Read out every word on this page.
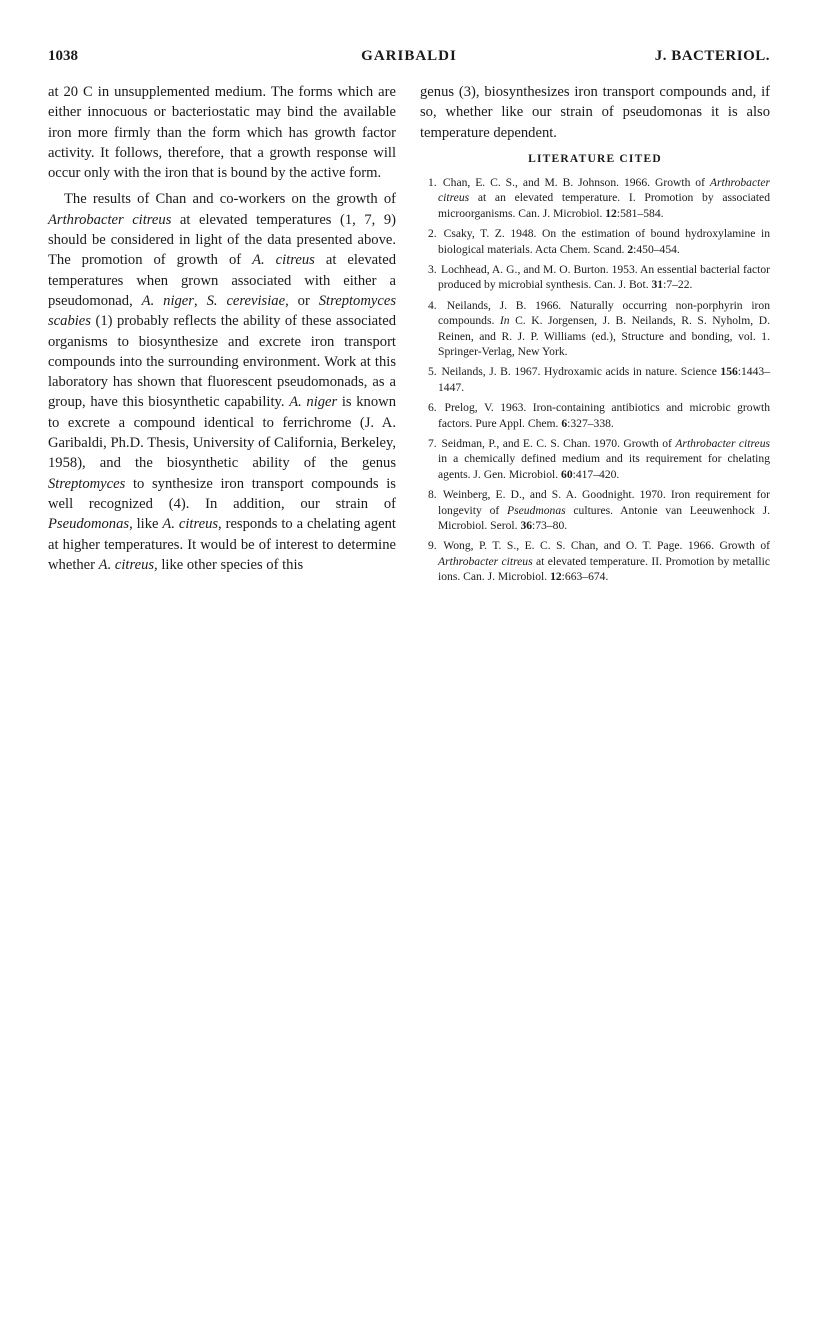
1038	GARIBALDI	J. BACTERIOL.

at 20 C in unsupplemented medium. The forms which are either innocuous or bacteriostatic may bind the available iron more firmly than the form which has growth factor activity. It follows, therefore, that a growth response will occur only with the iron that is bound by the active form.

The results of Chan and co-workers on the growth of Arthrobacter citreus at elevated temperatures (1, 7, 9) should be considered in light of the data presented above. The promotion of growth of A. citreus at elevated temperatures when grown associated with either a pseudomonad, A. niger, S. cerevisiae, or Streptomyces scabies (1) probably reflects the ability of these associated organisms to biosynthesize and excrete iron transport compounds into the surrounding environment. Work at this laboratory has shown that fluorescent pseudomonads, as a group, have this biosynthetic capability. A. niger is known to excrete a compound identical to ferrichrome (J. A. Garibaldi, Ph.D. Thesis, University of California, Berkeley, 1958), and the biosynthetic ability of the genus Streptomyces to synthesize iron transport compounds is well recognized (4). In addition, our strain of Pseudomonas, like A. citreus, responds to a chelating agent at higher temperatures. It would be of interest to determine whether A. citreus, like other species of this

genus (3), biosynthesizes iron transport compounds and, if so, whether like our strain of pseudomonas it is also temperature dependent.

LITERATURE CITED
1. Chan, E. C. S., and M. B. Johnson. 1966. Growth of Arthrobacter citreus at an elevated temperature. I. Promotion by associated microorganisms. Can. J. Microbiol. 12:581–584.
2. Csaky, T. Z. 1948. On the estimation of bound hydroxylamine in biological materials. Acta Chem. Scand. 2:450–454.
3. Lochhead, A. G., and M. O. Burton. 1953. An essential bacterial factor produced by microbial synthesis. Can. J. Bot. 31:7–22.
4. Neilands, J. B. 1966. Naturally occurring non-porphyrin iron compounds. In C. K. Jorgensen, J. B. Neilands, R. S. Nyholm, D. Reinen, and R. J. P. Williams (ed.), Structure and bonding, vol. 1. Springer-Verlag, New York.
5. Neilands, J. B. 1967. Hydroxamic acids in nature. Science 156:1443–1447.
6. Prelog, V. 1963. Iron-containing antibiotics and microbic growth factors. Pure Appl. Chem. 6:327–338.
7. Seidman, P., and E. C. S. Chan. 1970. Growth of Arthrobacter citreus in a chemically defined medium and its requirement for chelating agents. J. Gen. Microbiol. 60:417–420.
8. Weinberg, E. D., and S. A. Goodnight. 1970. Iron requirement for longevity of Pseudmonas cultures. Antonie van Leeuwenhock J. Microbiol. Serol. 36:73–80.
9. Wong, P. T. S., E. C. S. Chan, and O. T. Page. 1966. Growth of Arthrobacter citreus at elevated temperature. II. Promotion by metallic ions. Can. J. Microbiol. 12:663–674.
